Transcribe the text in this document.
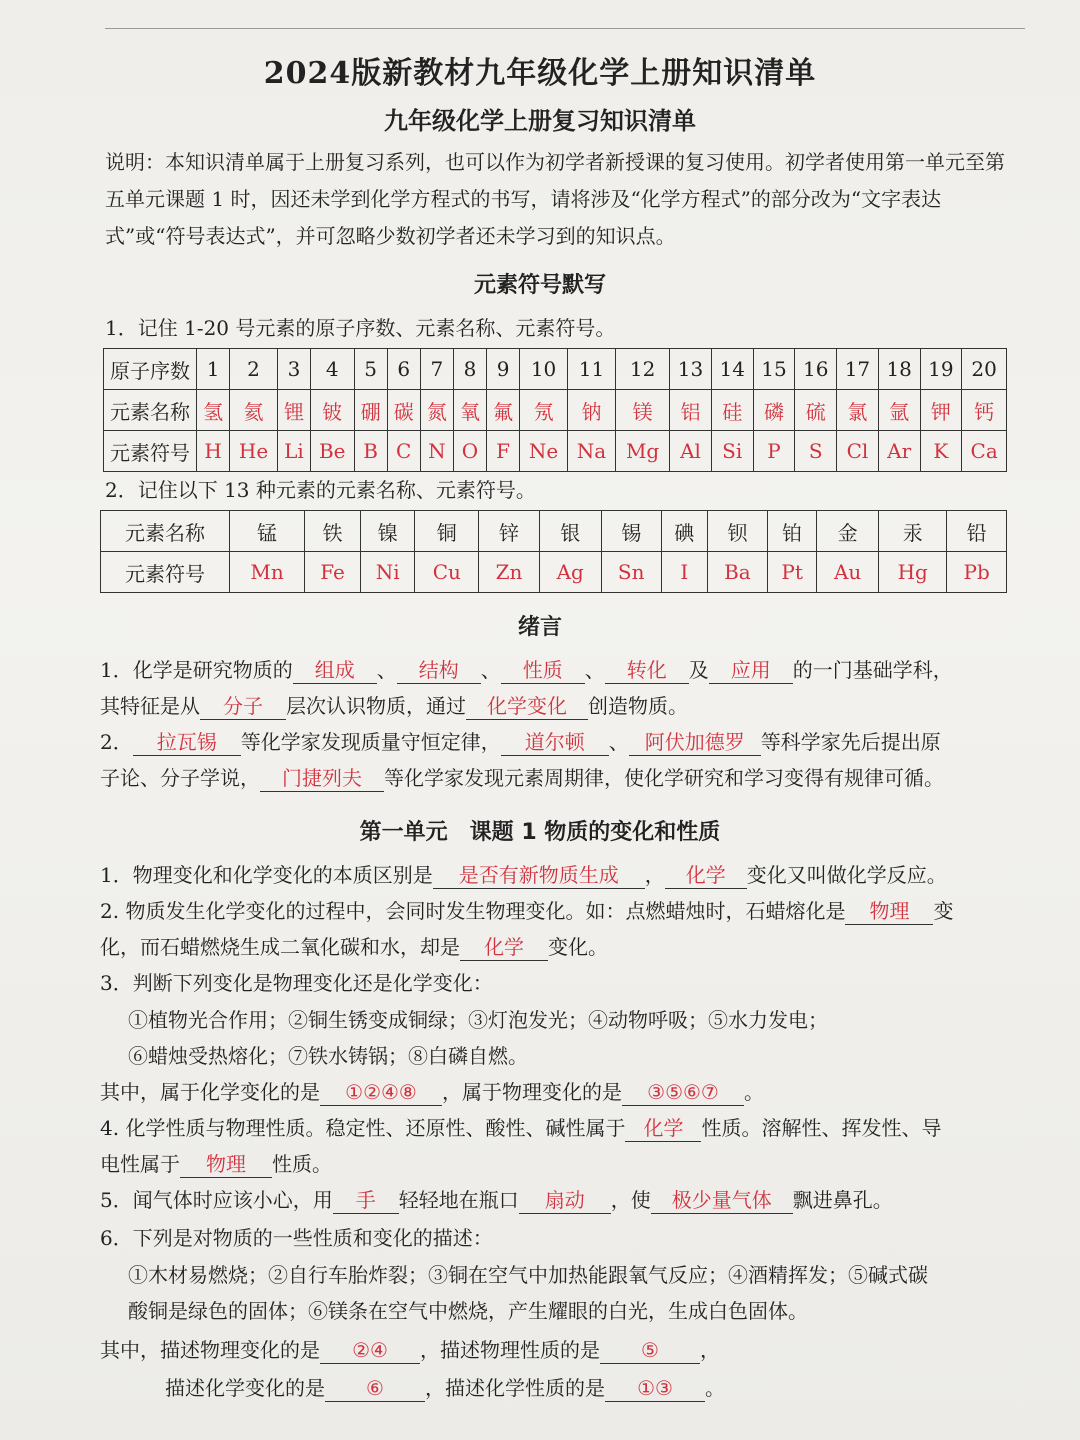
2024版新教材九年级化学上册知识清单
九年级化学上册复习知识清单
说明：本知识清单属于上册复习系列，也可以作为初学者新授课的复习使用。初学者使用第一单元至第五单元课题 1 时，因还未学到化学方程式的书写，请将涉及“化学方程式”的部分改为“文字表达式”或“符号表达式”，并可忽略少数初学者还未学习到的知识点。
元素符号默写
1．记住 1-20 号元素的原子序数、元素名称、元素符号。
原子序数	1	2	3	4	5	6	7	8	9	10	11	12	13	14	15	16	17	18	19	20
元素名称	氢	氦	锂	铍	硼	碳	氮	氧	氟	氖	钠	镁	铝	硅	磷	硫	氯	氩	钾	钙
元素符号	H	He	Li	Be	B	C	N	O	F	Ne	Na	Mg	Al	Si	P	S	Cl	Ar	K	Ca
2．记住以下 13 种元素的元素名称、元素符号。
元素名称	锰	铁	镍	铜	锌	银	锡	碘	钡	铂	金	汞	铅
元素符号	Mn	Fe	Ni	Cu	Zn	Ag	Sn	I	Ba	Pt	Au	Hg	Pb
绪言
1．化学是研究物质的 组成 、 结构 、 性质 、 转化 及 应用 的一门基础学科，
其特征是从 分子 层次认识物质，通过 化学变化 创造物质。
2． 拉瓦锡 等化学家发现质量守恒定律， 道尔顿 、 阿伏加德罗 等科学家先后提出原
子论、分子学说， 门捷列夫 等化学家发现元素周期律，使化学研究和学习变得有规律可循。
第一单元　课题 1 物质的变化和性质
1．物理变化和化学变化的本质区别是 是否有新物质生成 ， 化学 变化又叫做化学反应。
2. 物质发生化学变化的过程中，会同时发生物理变化。如：点燃蜡烛时，石蜡熔化是 物理 变
化，而石蜡燃烧生成二氧化碳和水，却是 化学 变化。
3．判断下列变化是物理变化还是化学变化：
①植物光合作用；②铜生锈变成铜绿；③灯泡发光；④动物呼吸；⑤水力发电；
⑥蜡烛受热熔化；⑦铁水铸锅；⑧白磷自燃。
其中，属于化学变化的是 ①②④⑧ ，属于物理变化的是 ③⑤⑥⑦ 。
4. 化学性质与物理性质。稳定性、还原性、酸性、碱性属于 化学 性质。溶解性、挥发性、导
电性属于 物理 性质。
5．闻气体时应该小心，用 手 轻轻地在瓶口 扇动 ，使 极少量气体 飘进鼻孔。
6．下列是对物质的一些性质和变化的描述：
①木材易燃烧；②自行车胎炸裂；③铜在空气中加热能跟氧气反应；④酒精挥发；⑤碱式碳
酸铜是绿色的固体；⑥镁条在空气中燃烧，产生耀眼的白光，生成白色固体。
其中，描述物理变化的是 ②④ ，描述物理性质的是 ⑤ ，
描述化学变化的是 ⑥ ，描述化学性质的是 ①③ 。
